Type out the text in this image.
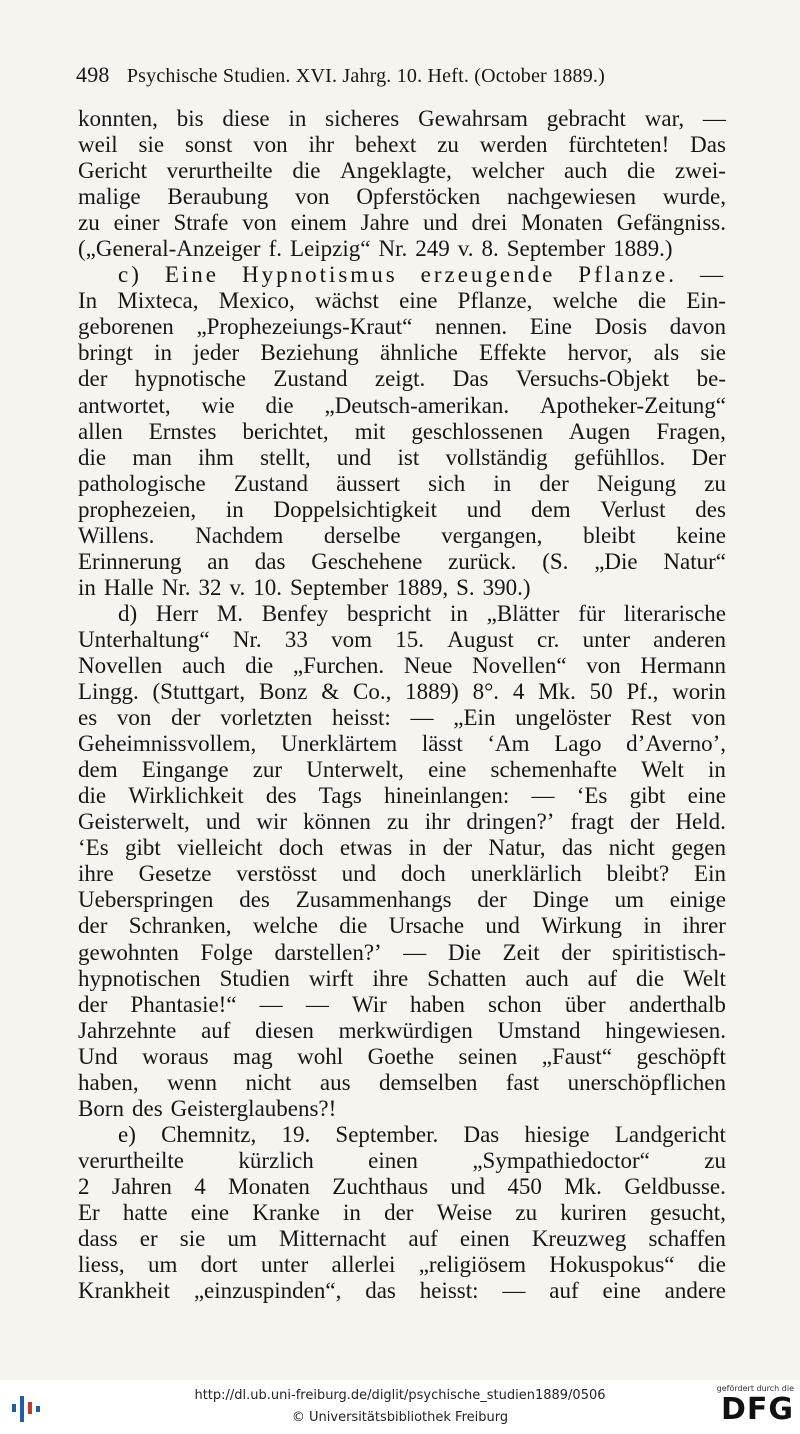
498 Psychische Studien. XVI. Jahrg. 10. Heft. (October 1889.)
konnten, bis diese in sicheres Gewahrsam gebracht war, —
weil sie sonst von ihr behext zu werden fürchteten! Das
Gericht verurtheilte die Angeklagte, welcher auch die zwei-
malige Beraubung von Opferstöcken nachgewiesen wurde,
zu einer Strafe von einem Jahre und drei Monaten Gefängniss.
(„General-Anzeiger f. Leipzig“ Nr. 249 v. 8. September 1889.)
c) Eine Hypnotismus erzeugende Pflanze. —
In Mixteca, Mexico, wächst eine Pflanze, welche die Ein-
geborenen „Prophezeiungs-Kraut“ nennen. Eine Dosis davon
bringt in jeder Beziehung ähnliche Effekte hervor, als sie
der hypnotische Zustand zeigt. Das Versuchs-Objekt be-
antwortet, wie die „Deutsch-amerikan. Apotheker-Zeitung“
allen Ernstes berichtet, mit geschlossenen Augen Fragen,
die man ihm stellt, und ist vollständig gefühllos. Der
pathologische Zustand äussert sich in der Neigung zu
prophezeien, in Doppelsichtigkeit und dem Verlust des
Willens. Nachdem derselbe vergangen, bleibt keine
Erinnerung an das Geschehene zurück. (S. „Die Natur“
in Halle Nr. 32 v. 10. September 1889, S. 390.)
d) Herr M. Benfey bespricht in „Blätter für literarische
Unterhaltung“ Nr. 33 vom 15. August cr. unter anderen
Novellen auch die „Furchen. Neue Novellen“ von Hermann
Lingg. (Stuttgart, Bonz & Co., 1889) 8°. 4 Mk. 50 Pf., worin
es von der vorletzten heisst: — „Ein ungelöster Rest von
Geheimnissvollem, Unerklärtem lässt ‘Am Lago d’Averno’,
dem Eingange zur Unterwelt, eine schemenhafte Welt in
die Wirklichkeit des Tags hineinlangen: — ‘Es gibt eine
Geisterwelt, und wir können zu ihr dringen?’ fragt der Held.
‘Es gibt vielleicht doch etwas in der Natur, das nicht gegen
ihre Gesetze verstösst und doch unerklärlich bleibt? Ein
Ueberspringen des Zusammenhangs der Dinge um einige
der Schranken, welche die Ursache und Wirkung in ihrer
gewohnten Folge darstellen?’ — Die Zeit der spiritistisch-
hypnotischen Studien wirft ihre Schatten auch auf die Welt
der Phantasie!“ — — Wir haben schon über anderthalb
Jahrzehnte auf diesen merkwürdigen Umstand hingewiesen.
Und woraus mag wohl Goethe seinen „Faust“ geschöpft
haben, wenn nicht aus demselben fast unerschöpflichen
Born des Geisterglaubens?!
e) Chemnitz, 19. September. Das hiesige Landgericht
verurtheilte kürzlich einen „Sympathiedoctor“ zu
2 Jahren 4 Monaten Zuchthaus und 450 Mk. Geldbusse.
Er hatte eine Kranke in der Weise zu kuriren gesucht,
dass er sie um Mitternacht auf einen Kreuzweg schaffen
liess, um dort unter allerlei „religiösem Hokuspokus“ die
Krankheit „einzuspinden“, das heisst: — auf eine andere
http://dl.ub.uni-freiburg.de/diglit/psychische_studien1889/0506
© Universitätsbibliothek Freiburg
gefördert durch die
DFG
